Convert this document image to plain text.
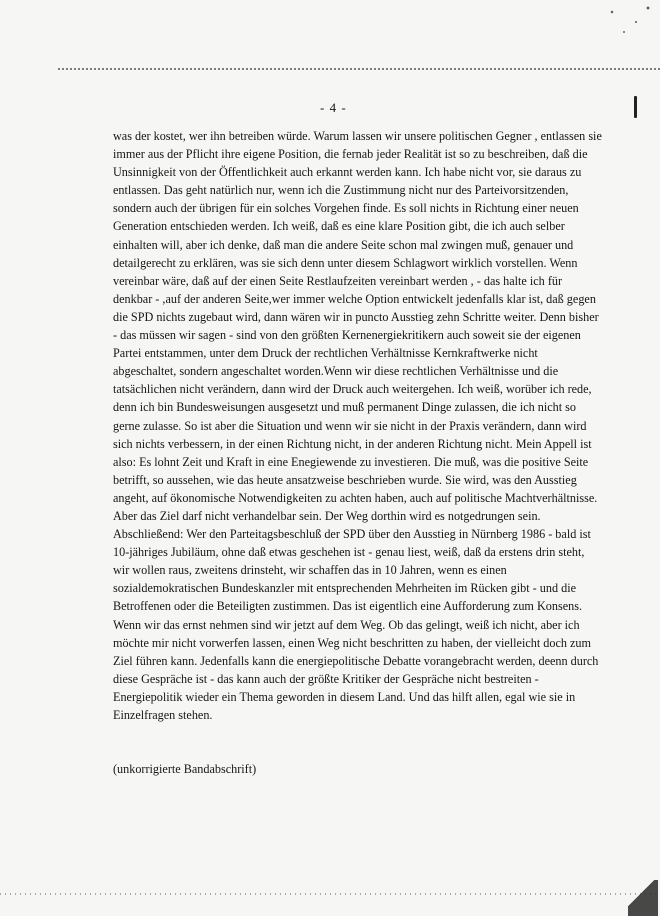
- 4 -
was der kostet, wer ihn betreiben würde. Warum lassen wir unsere politischen Gegner , entlassen sie
immer aus der Pflicht ihre eigene Position, die fernab jeder Realität ist so zu beschreiben, daß die
Unsinnigkeit von der Öffentlichkeit auch erkannt werden kann. Ich habe nicht vor, sie daraus zu
entlassen. Das geht natürlich nur, wenn ich die Zustimmung nicht nur des Parteivorsitzenden,
sondern auch der übrigen für ein solches Vorgehen finde. Es soll nichts in Richtung einer neuen
Generation entschieden werden. Ich weiß, daß es eine klare Position gibt, die ich auch selber
einhalten will, aber ich denke, daß man die andere Seite schon mal zwingen muß, genauer und
detailgerecht zu erklären, was sie sich denn unter diesem Schlagwort wirklich vorstellen. Wenn
vereinbar wäre, daß auf der einen Seite Restlaufzeiten vereinbart werden , - das halte ich für
denkbar - ,auf der anderen Seite,wer immer welche Option entwickelt jedenfalls klar ist, daß gegen
die SPD nichts zugebaut wird, dann wären wir in puncto Ausstieg zehn Schritte weiter. Denn bisher
- das müssen wir sagen - sind von den größten Kernenergiekritikern auch soweit sie der eigenen
Partei entstammen, unter dem Druck der rechtlichen Verhältnisse Kernkraftwerke nicht
abgeschaltet, sondern angeschaltet worden.Wenn wir diese rechtlichen Verhältnisse und die
tatsächlichen nicht verändern, dann wird der Druck auch weitergehen. Ich weiß, worüber ich rede,
denn ich bin Bundesweisungen ausgesetzt und muß permanent Dinge zulassen, die ich nicht so
gerne zulasse. So ist aber die Situation und wenn wir sie nicht in der Praxis verändern, dann wird
sich nichts verbessern, in der einen Richtung nicht, in der anderen Richtung nicht. Mein Appell ist
also: Es lohnt Zeit und Kraft in eine Enegiewende zu investieren. Die muß, was die positive Seite
betrifft, so aussehen, wie das heute ansatzweise beschrieben wurde. Sie wird, was den Ausstieg
angeht, auf ökonomische Notwendigkeiten zu achten haben, auch auf politische Machtverhältnisse.
Aber das Ziel darf nicht verhandelbar sein. Der Weg dorthin wird es notgedrungen sein.
Abschließend: Wer den Parteitagsbeschluß der SPD über den Ausstieg in Nürnberg 1986 - bald ist
10-jähriges Jubiläum, ohne daß etwas geschehen ist - genau liest, weiß, daß da erstens drin steht,
wir wollen raus, zweitens drinsteht, wir schaffen das in 10 Jahren, wenn es einen
sozialdemokratischen Bundeskanzler mit entsprechenden Mehrheiten im Rücken gibt - und die
Betroffenen oder die Beteiligten zustimmen. Das ist eigentlich eine Aufforderung zum Konsens.
Wenn wir das ernst nehmen sind wir jetzt auf dem Weg. Ob das gelingt, weiß ich nicht, aber ich
möchte mir nicht vorwerfen lassen, einen Weg nicht beschritten zu haben, der vielleicht doch zum
Ziel führen kann. Jedenfalls kann die energiepolitische Debatte vorangebracht werden, deenn durch
diese Gespräche ist - das kann auch der größte Kritiker der Gespräche nicht bestreiten -
Energiepolitik wieder ein Thema geworden in diesem Land. Und das hilft allen, egal wie sie in
Einzelfragen stehen.
(unkorrigierte Bandabschrift)
